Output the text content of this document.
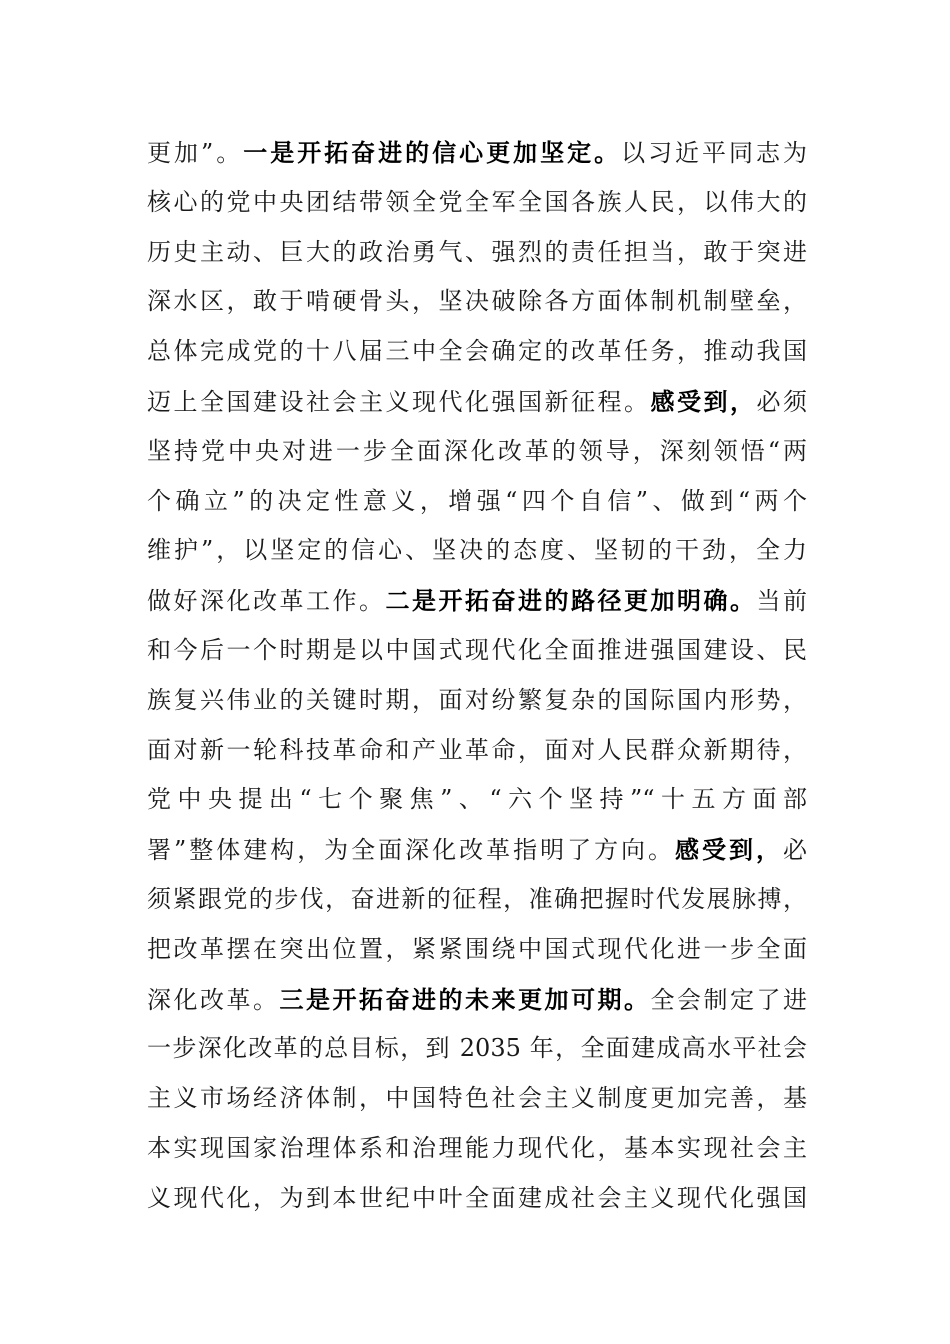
更加”。一是开拓奋进的信心更加坚定。以习近平同志为
核心的党中央团结带领全党全军全国各族人民，以伟大的
历史主动、巨大的政治勇气、强烈的责任担当，敢于突进
深水区，敢于啃硬骨头，坚决破除各方面体制机制壁垒，
总体完成党的十八届三中全会确定的改革任务，推动我国
迈上全国建设社会主义现代化强国新征程。感受到，必须
坚持党中央对进一步全面深化改革的领导，深刻领悟“两
个确立”的决定性意义，增强“四个自信”、做到“两个
维护”，以坚定的信心、坚决的态度、坚韧的干劲，全力
做好深化改革工作。二是开拓奋进的路径更加明确。当前
和今后一个时期是以中国式现代化全面推进强国建设、民
族复兴伟业的关键时期，面对纷繁复杂的国际国内形势，
面对新一轮科技革命和产业革命，面对人民群众新期待，
党中央提出“七个聚焦”、“六个坚持”“十五方面部
署”整体建构，为全面深化改革指明了方向。感受到，必
须紧跟党的步伐，奋进新的征程，准确把握时代发展脉搏，
把改革摆在突出位置，紧紧围绕中国式现代化进一步全面
深化改革。三是开拓奋进的未来更加可期。全会制定了进
一步深化改革的总目标，到 2035 年，全面建成高水平社会
主义市场经济体制，中国特色社会主义制度更加完善，基
本实现国家治理体系和治理能力现代化，基本实现社会主
义现代化，为到本世纪中叶全面建成社会主义现代化强国
